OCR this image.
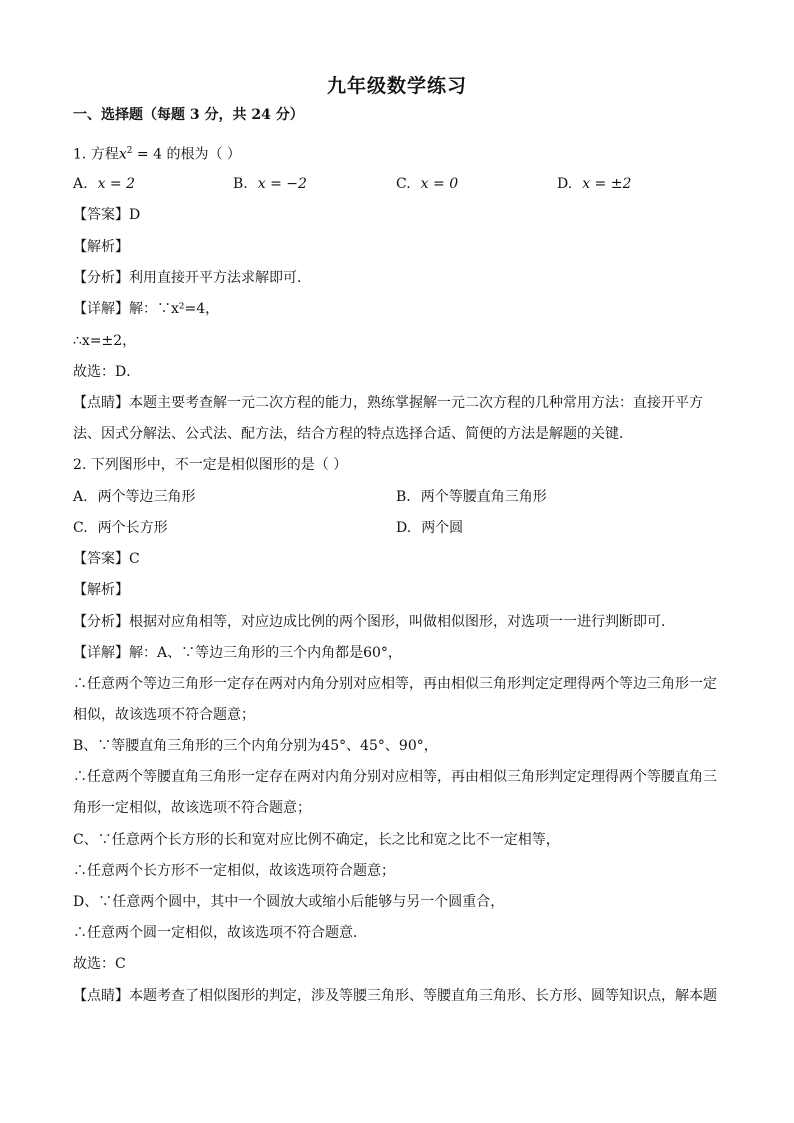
九年级数学练习
一、选择题（每题 3 分，共 24 分）
1. 方程$x^2 = 4$ 的根为（ ）
A. x = 2	B. x = −2	C. x = 0	D. x = ±2
【答案】D
【解析】
【分析】利用直接开平方法求解即可．
【详解】解：∵x²=4，
∴x=±2，
故选：D．
【点睛】本题主要考查解一元二次方程的能力，熟练掌握解一元二次方程的几种常用方法：直接开平方
法、因式分解法、公式法、配方法，结合方程的特点选择合适、简便的方法是解题的关键．
2. 下列图形中，不一定是相似图形的是（ ）
A. 两个等边三角形	B. 两个等腰直角三角形
C. 两个长方形	D. 两个圆
【答案】C
【解析】
【分析】根据对应角相等，对应边成比例的两个图形，叫做相似图形，对选项一一进行判断即可．
【详解】解：A、∵等边三角形的三个内角都是60°，
∴任意两个等边三角形一定存在两对内角分别对应相等，再由相似三角形判定定理得两个等边三角形一定
相似，故该选项不符合题意；
B、∵等腰直角三角形的三个内角分别为45°、45°、90°，
∴任意两个等腰直角三角形一定存在两对内角分别对应相等，再由相似三角形判定定理得两个等腰直角三
角形一定相似，故该选项不符合题意；
C、∵任意两个长方形的长和宽对应比例不确定，长之比和宽之比不一定相等，
∴任意两个长方形不一定相似，故该选项符合题意；
D、∵任意两个圆中，其中一个圆放大或缩小后能够与另一个圆重合，
∴任意两个圆一定相似，故该选项不符合题意．
故选：C
【点睛】本题考查了相似图形的判定，涉及等腰三角形、等腰直角三角形、长方形、圆等知识点，解本题
